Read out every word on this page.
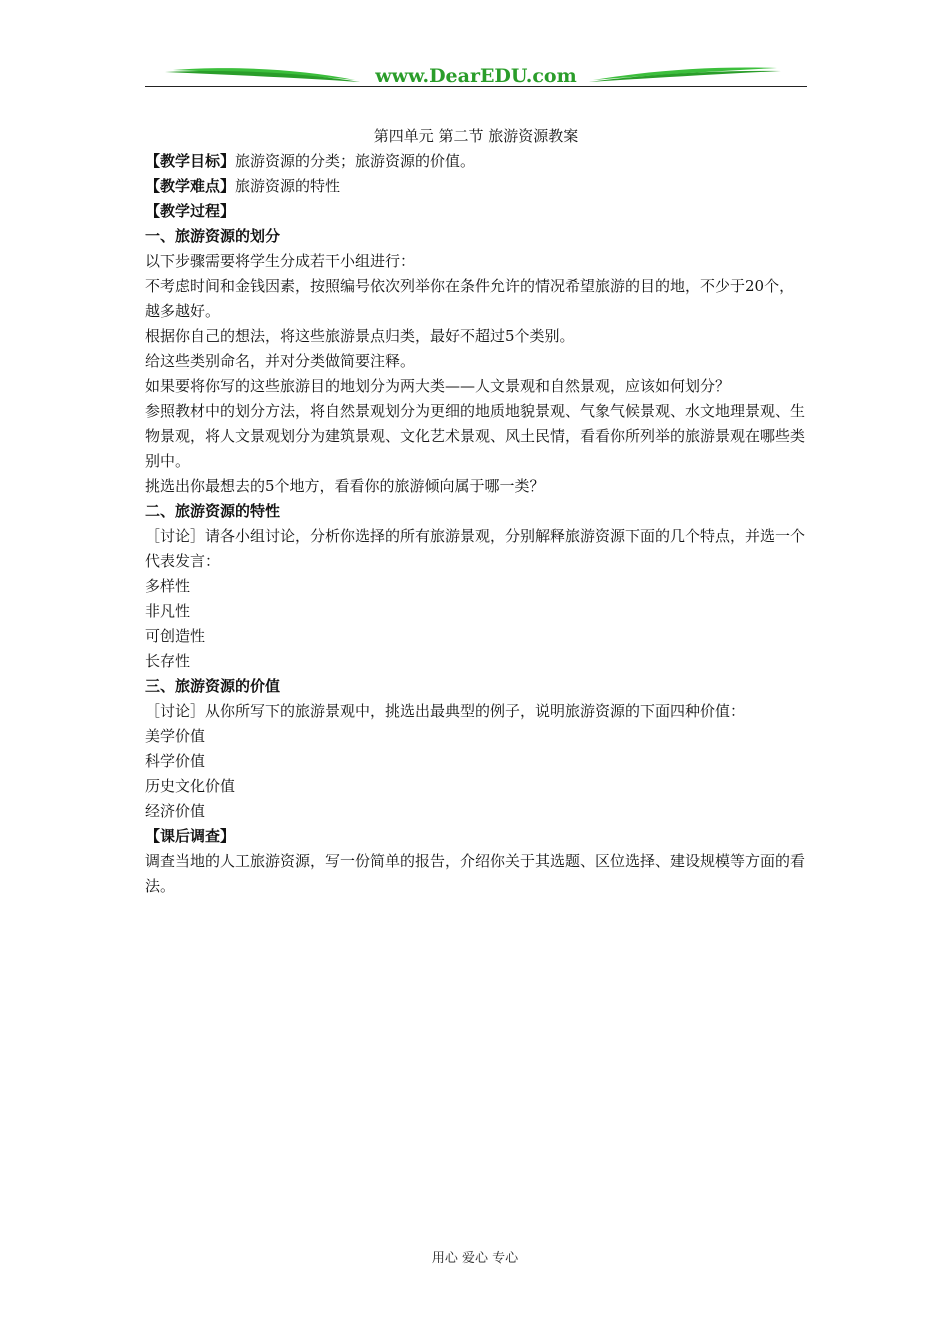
www.DearEDU.com

第四单元 第二节 旅游资源教案

【教学目标】旅游资源的分类；旅游资源的价值。

【教学难点】旅游资源的特性

【教学过程】

一、旅游资源的划分

以下步骤需要将学生分成若干小组进行：

不考虑时间和金钱因素，按照编号依次列举你在条件允许的情况希望旅游的目的地，不少于20个，越多越好。

根据你自己的想法，将这些旅游景点归类，最好不超过5个类别。

给这些类别命名，并对分类做简要注释。

如果要将你写的这些旅游目的地划分为两大类——人文景观和自然景观，应该如何划分？

参照教材中的划分方法，将自然景观划分为更细的地质地貌景观、气象气候景观、水文地理景观、生物景观，将人文景观划分为建筑景观、文化艺术景观、风土民情，看看你所列举的旅游景观在哪些类别中。

挑选出你最想去的5个地方，看看你的旅游倾向属于哪一类？

二、旅游资源的特性

［讨论］请各小组讨论，分析你选择的所有旅游景观，分别解释旅游资源下面的几个特点，并选一个代表发言：

多样性

非凡性

可创造性

长存性

三、旅游资源的价值

［讨论］从你所写下的旅游景观中，挑选出最典型的例子，说明旅游资源的下面四种价值：

美学价值

科学价值

历史文化价值

经济价值

【课后调查】

调查当地的人工旅游资源，写一份简单的报告，介绍你关于其选题、区位选择、建设规模等方面的看法。

用心 爱心 专心
